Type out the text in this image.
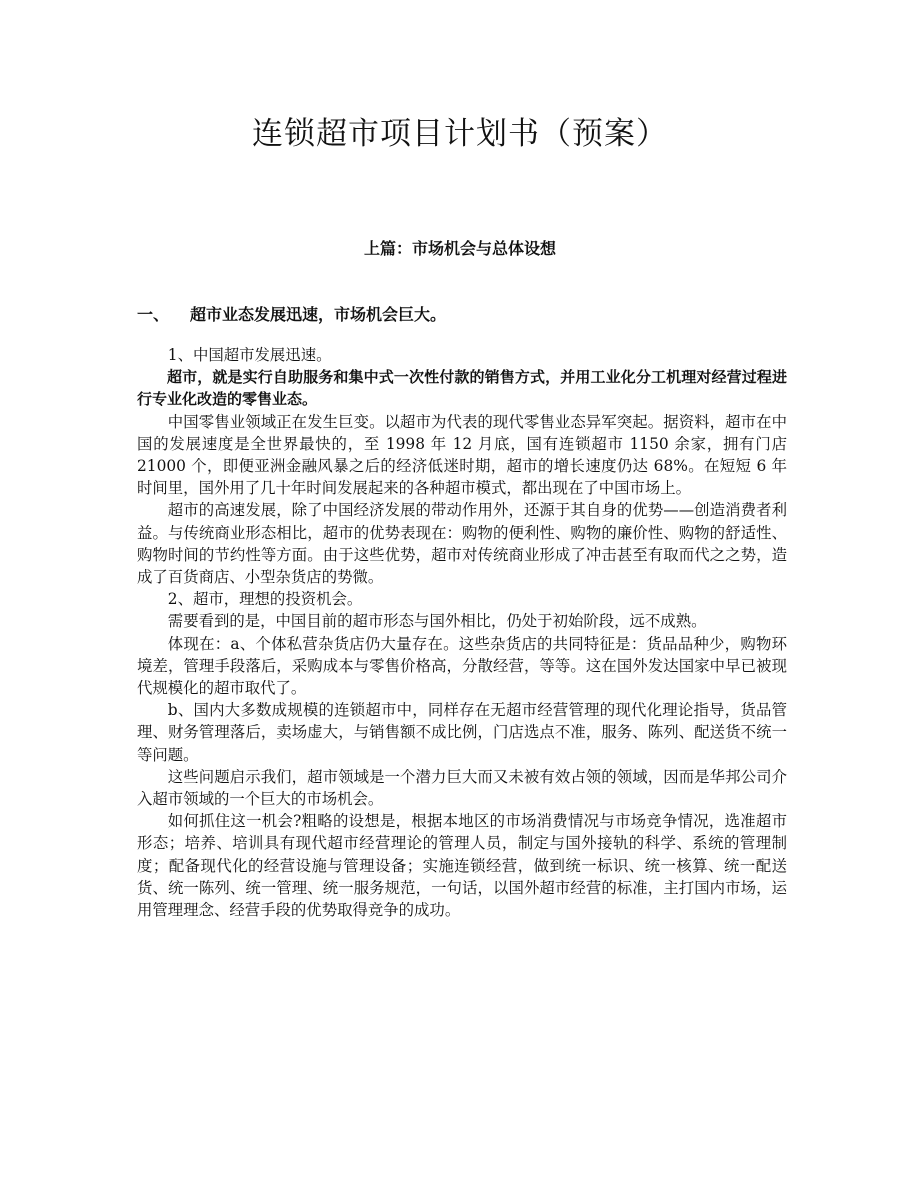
连锁超市项目计划书（预案）
上篇：市场机会与总体设想
一、 超市业态发展迅速，市场机会巨大。

1、中国超市发展迅速。

超市，就是实行自助服务和集中式一次性付款的销售方式，并用工业化分工机理对经营过程进行专业化改造的零售业态。

中国零售业领域正在发生巨变。以超市为代表的现代零售业态异军突起。据资料，超市在中国的发展速度是全世界最快的，至 1998 年 12 月底，国有连锁超市 1150 余家，拥有门店 21000 个，即便亚洲金融风暴之后的经济低迷时期，超市的增长速度仍达 68%。在短短 6 年时间里，国外用了几十年时间发展起来的各种超市模式，都出现在了中国市场上。

超市的高速发展，除了中国经济发展的带动作用外，还源于其自身的优势——创造消费者利益。与传统商业形态相比，超市的优势表现在：购物的便利性、购物的廉价性、购物的舒适性、购物时间的节约性等方面。由于这些优势，超市对传统商业形成了冲击甚至有取而代之之势，造成了百货商店、小型杂货店的势微。

2、超市，理想的投资机会。

需要看到的是，中国目前的超市形态与国外相比，仍处于初始阶段，远不成熟。

体现在：a、个体私营杂货店仍大量存在。这些杂货店的共同特征是：货品品种少，购物环境差，管理手段落后，采购成本与零售价格高，分散经营，等等。这在国外发达国家中早已被现代规模化的超市取代了。

b、国内大多数成规模的连锁超市中，同样存在无超市经营管理的现代化理论指导，货品管理、财务管理落后，卖场虚大，与销售额不成比例，门店选点不准，服务、陈列、配送货不统一等问题。

这些问题启示我们，超市领域是一个潜力巨大而又未被有效占领的领域，因而是华邦公司介入超市领域的一个巨大的市场机会。

如何抓住这一机会?粗略的设想是，根据本地区的市场消费情况与市场竞争情况，选准超市形态；培养、培训具有现代超市经营理论的管理人员，制定与国外接轨的科学、系统的管理制度；配备现代化的经营设施与管理设备；实施连锁经营，做到统一标识、统一核算、统一配送货、统一陈列、统一管理、统一服务规范，一句话，以国外超市经营的标准，主打国内市场，运用管理理念、经营手段的优势取得竞争的成功。
